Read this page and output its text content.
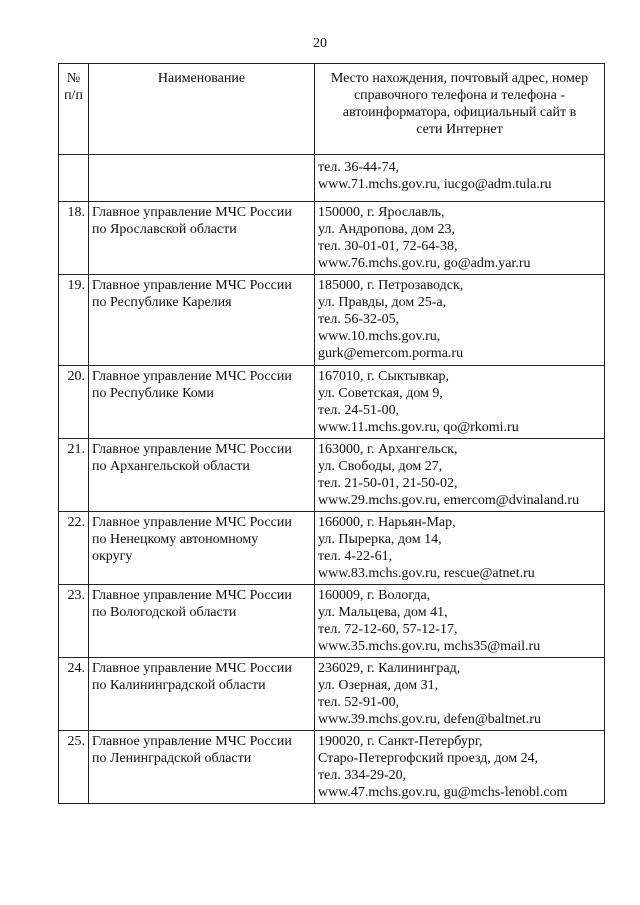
20
№
п/п	Наименование	Место нахождения, почтовый адрес, номер
справочного телефона и телефона -
автоинформатора, официальный сайт в
сети Интернет

		тел. 36-44-74,
www.71.mchs.gov.ru, iucgo@adm.tula.ru

18.	Главное управление МЧС России
по Ярославской области	150000, г. Ярославль,
ул. Андропова, дом 23,
тел. 30-01-01, 72-64-38,
www.76.mchs.gov.ru, go@adm.yar.ru

19.	Главное управление МЧС России
по Республике Карелия	185000, г. Петрозаводск,
ул. Правды, дом 25-а,
тел. 56-32-05,
www.10.mchs.gov.ru,
gurk@emercom.porma.ru

20.	Главное управление МЧС России
по Республике Коми	167010, г. Сыктывкар,
ул. Советская, дом 9,
тел. 24-51-00,
www.11.mchs.gov.ru, qo@rkomi.ru

21.	Главное управление МЧС России
по Архангельской области	163000, г. Архангельск,
ул. Свободы, дом 27,
тел. 21-50-01, 21-50-02,
www.29.mchs.gov.ru, emercom@dvinaland.ru

22.	Главное управление МЧС России
по Ненецкому автономному
округу	166000, г. Нарьян-Мар,
ул. Пырерка, дом 14,
тел. 4-22-61,
www.83.mchs.gov.ru, rescue@atnet.ru

23.	Главное управление МЧС России
по Вологодской области	160009, г. Вологда,
ул. Мальцева, дом 41,
тел. 72-12-60, 57-12-17,
www.35.mchs.gov.ru, mchs35@mail.ru

24.	Главное управление МЧС России
по Калининградской области	236029, г. Калининград,
ул. Озерная, дом 31,
тел. 52-91-00,
www.39.mchs.gov.ru, defen@baltnet.ru

25.	Главное управление МЧС России
по Ленинградской области	190020, г. Санкт-Петербург,
Старо-Петергофский проезд, дом 24,
тел. 334-29-20,
www.47.mchs.gov.ru, gu@mchs-lenobl.com
